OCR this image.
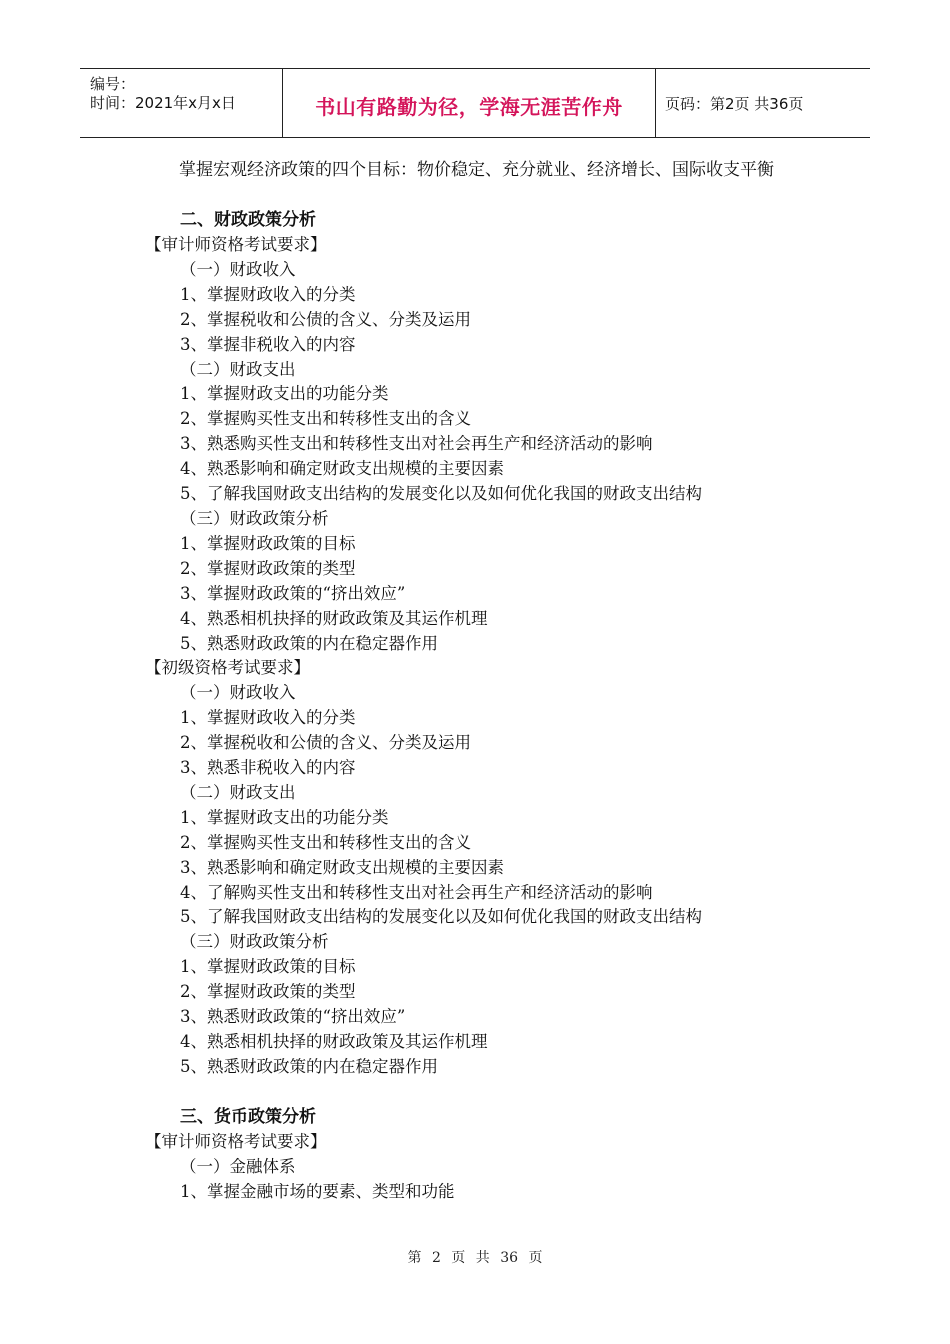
编号：
时间：2021年x月x日	书山有路勤为径，学海无涯苦作舟	页码：第2页 共36页

掌握宏观经济政策的四个目标：物价稳定、充分就业、经济增长、国际收支平衡

二、财政政策分析
【审计师资格考试要求】
（一）财政收入
1、掌握财政收入的分类
2、掌握税收和公债的含义、分类及运用
3、掌握非税收入的内容
（二）财政支出
1、掌握财政支出的功能分类
2、掌握购买性支出和转移性支出的含义
3、熟悉购买性支出和转移性支出对社会再生产和经济活动的影响
4、熟悉影响和确定财政支出规模的主要因素
5、了解我国财政支出结构的发展变化以及如何优化我国的财政支出结构
（三）财政政策分析
1、掌握财政政策的目标
2、掌握财政政策的类型
3、掌握财政政策的“挤出效应”
4、熟悉相机抉择的财政政策及其运作机理
5、熟悉财政政策的内在稳定器作用
【初级资格考试要求】
（一）财政收入
1、掌握财政收入的分类
2、掌握税收和公债的含义、分类及运用
3、熟悉非税收入的内容
（二）财政支出
1、掌握财政支出的功能分类
2、掌握购买性支出和转移性支出的含义
3、熟悉影响和确定财政支出规模的主要因素
4、了解购买性支出和转移性支出对社会再生产和经济活动的影响
5、了解我国财政支出结构的发展变化以及如何优化我国的财政支出结构
（三）财政政策分析
1、掌握财政政策的目标
2、掌握财政政策的类型
3、熟悉财政政策的“挤出效应”
4、熟悉相机抉择的财政政策及其运作机理
5、熟悉财政政策的内在稳定器作用
三、货币政策分析
【审计师资格考试要求】
（一）金融体系
1、掌握金融市场的要素、类型和功能
第 2 页 共 36 页
